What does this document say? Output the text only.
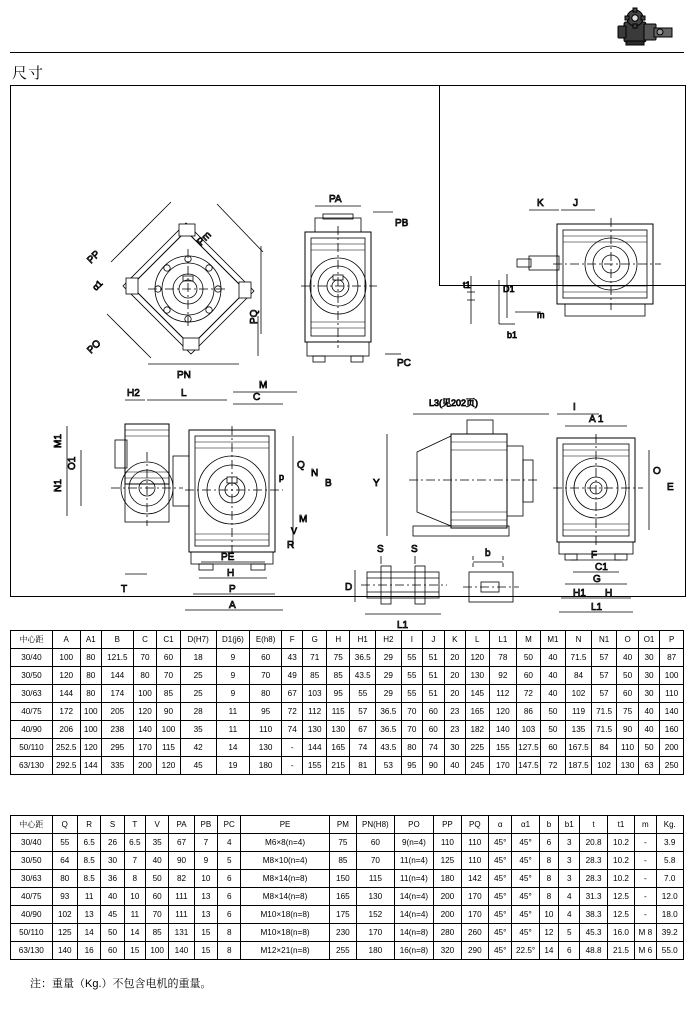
尺寸
PP
Pm
α1
PO
PN
PQ
PA
PB
PC
t1	D1
m
b1
K	J
H2	L
M
C
M1
O1
N1
T
PE
H
P
A
Q
N
B
M
V
R
p
Y
L3(见202页)	I
A 1
O
E
F
C1
G
H1 H
L1
S	S
D
L1
b
中心距	A	A1	B	C	C1	D(H7)	D1(j6)	E(h8)	F	G	H	H1	H2	I	J	K	L	L1	M	M1	N	N1	O	O1	P
30/40	100	80	121.5	70	60	18	9	60	43	71	75	36.5	29	55	51	20	120	78	50	40	71.5	57	40	30	87
30/50	120	80	144	80	70	25	9	70	49	85	85	43.5	29	55	51	20	130	92	60	40	84	57	50	30	100
30/63	144	80	174	100	85	25	9	80	67	103	95	55	29	55	51	20	145	112	72	40	102	57	60	30	110
40/75	172	100	205	120	90	28	11	95	72	112	115	57	36.5	70	60	23	165	120	86	50	119	71.5	75	40	140
40/90	206	100	238	140	100	35	11	110	74	130	130	67	36.5	70	60	23	182	140	103	50	135	71.5	90	40	160
50/110	252.5	120	295	170	115	42	14	130	-	144	165	74	43.5	80	74	30	225	155	127.5	60	167.5	84	110	50	200
63/130	292.5	144	335	200	120	45	19	180	-	155	215	81	53	95	90	40	245	170	147.5	72	187.5	102	130	63	250
中心距	Q	R	S	T	V	PA	PB	PC	PE	PM	PN(H8)	PO	PP	PQ	α	α1	b	b1	t	t1	m	Kg.
30/40	55	6.5	26	6.5	35	67	7	4	M6×8(n=4)	75	60	9(n=4)	110	110	45°	45°	6	3	20.8	10.2	-	3.9
30/50	64	8.5	30	7	40	90	9	5	M8×10(n=4)	85	70	11(n=4)	125	110	45°	45°	8	3	28.3	10.2	-	5.8
30/63	80	8.5	36	8	50	82	10	6	M8×14(n=8)	150	115	11(n=4)	180	142	45°	45°	8	3	28.3	10.2	-	7.0
40/75	93	11	40	10	60	111	13	6	M8×14(n=8)	165	130	14(n=4)	200	170	45°	45°	8	4	31.3	12.5	-	12.0
40/90	102	13	45	11	70	111	13	6	M10×18(n=8)	175	152	14(n=4)	200	170	45°	45°	10	4	38.3	12.5	-	18.0
50/110	125	14	50	14	85	131	15	8	M10×18(n=8)	230	170	14(n=8)	280	260	45°	45°	12	5	45.3	16.0	M 8	39.2
63/130	140	16	60	15	100	140	15	8	M12×21(n=8)	255	180	16(n=8)	320	290	45°	22.5°	14	6	48.8	21.5	M 6	55.0
注：重量（Kg.）不包含电机的重量。
